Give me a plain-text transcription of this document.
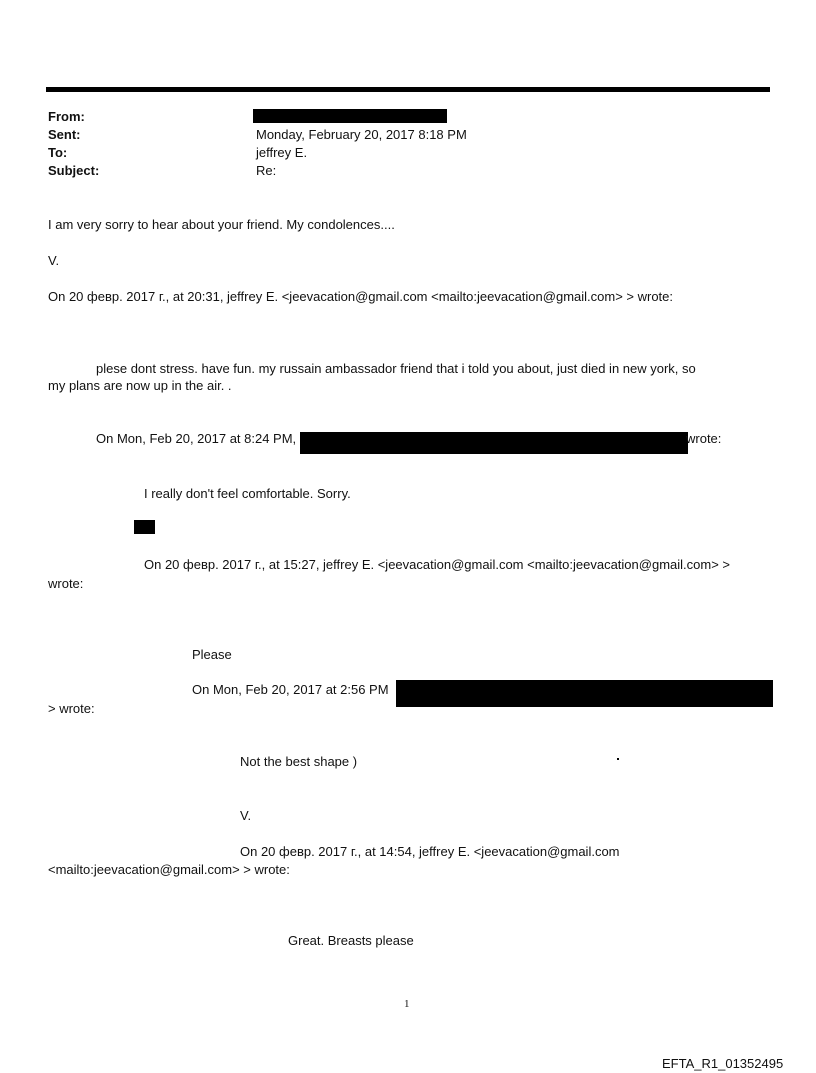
From:
Sent:	Monday, February 20, 2017 8:18 PM
To:	jeffrey E.
Subject:	Re:
I am very sorry to hear about your friend. My condolences....
V.
On 20 февр. 2017 г., at 20:31, jeffrey E. <jeevacation@gmail.com <mailto:jeevacation@gmail.com> > wrote:
plese dont stress. have fun. my russain ambassador friend that i told you about, just died in new york, so
my plans are now up in the air. .
On Mon, Feb 20, 2017 at 8:24 PM,	wrote:
I really don't feel comfortable. Sorry.
On 20 февр. 2017 г., at 15:27, jeffrey E. <jeevacation@gmail.com <mailto:jeevacation@gmail.com> >
wrote:
Please
On Mon, Feb 20, 2017 at 2:56 PM
> wrote:
Not the best shape )
V.
On 20 февр. 2017 г., at 14:54, jeffrey E. <jeevacation@gmail.com
<mailto:jeevacation@gmail.com> > wrote:
Great. Breasts please
1
EFTA_R1_01352495
